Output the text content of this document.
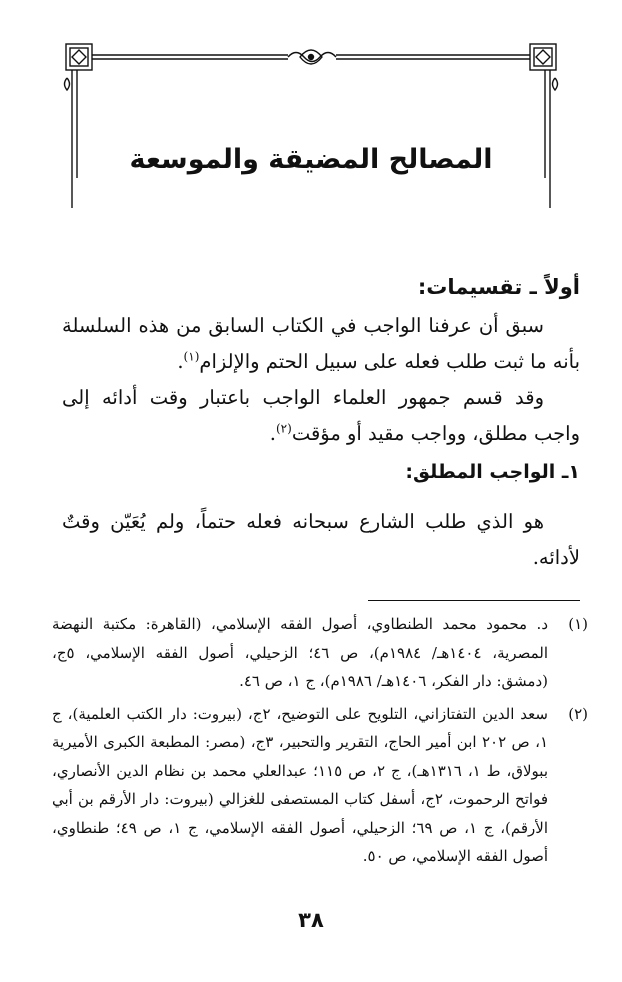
المصالح المضيقة والموسعة
أولاً ـ تقسيمات:

سبق أن عرفنا الواجب في الكتاب السابق من هذه السلسلة بأنه ما ثبت طلب فعله على سبيل الحتم والإلزام$^{(١)}$.

وقد قسم جمهور العلماء الواجب باعتبار وقت أدائه إلى واجب مطلق، وواجب مقيد أو مؤقت$^{(٢)}$.

١ـ الواجب المطلق:

هو الذي طلب الشارع سبحانه فعله حتماً، ولم يُعَيّن وقتٌ لأدائه.

(١)

د. محمود محمد الطنطاوي، أصول الفقه الإسلامي، (القاهرة: مكتبة النهضة المصرية، ١٤٠٤هـ/ ١٩٨٤م)، ص ٤٦؛ الزحيلي، أصول الفقه الإسلامي، ٥ج، (دمشق: دار الفكر، ١٤٠٦هـ/ ١٩٨٦م)، ج ١، ص ٤٦.

(٢)

سعد الدين التفتازاني، التلويح على التوضيح، ٢ج، (بيروت: دار الكتب العلمية)، ج ١، ص ٢٠٢ ابن أمير الحاج، التقرير والتحبير، ٣ج، (مصر: المطبعة الكبرى الأميرية ببولاق، ط ١، ١٣١٦هـ)، ج ٢، ص ١١٥؛ عبدالعلي محمد بن نظام الدين الأنصاري، فواتح الرحموت، ٢ج، أسفل كتاب المستصفى للغزالي (بيروت: دار الأرقم بن أبي الأرقم)، ج ١، ص ٦٩؛ الزحيلي، أصول الفقه الإسلامي، ج ١، ص ٤٩؛ طنطاوي، أصول الفقه الإسلامي، ص ٥٠.

٣٨
